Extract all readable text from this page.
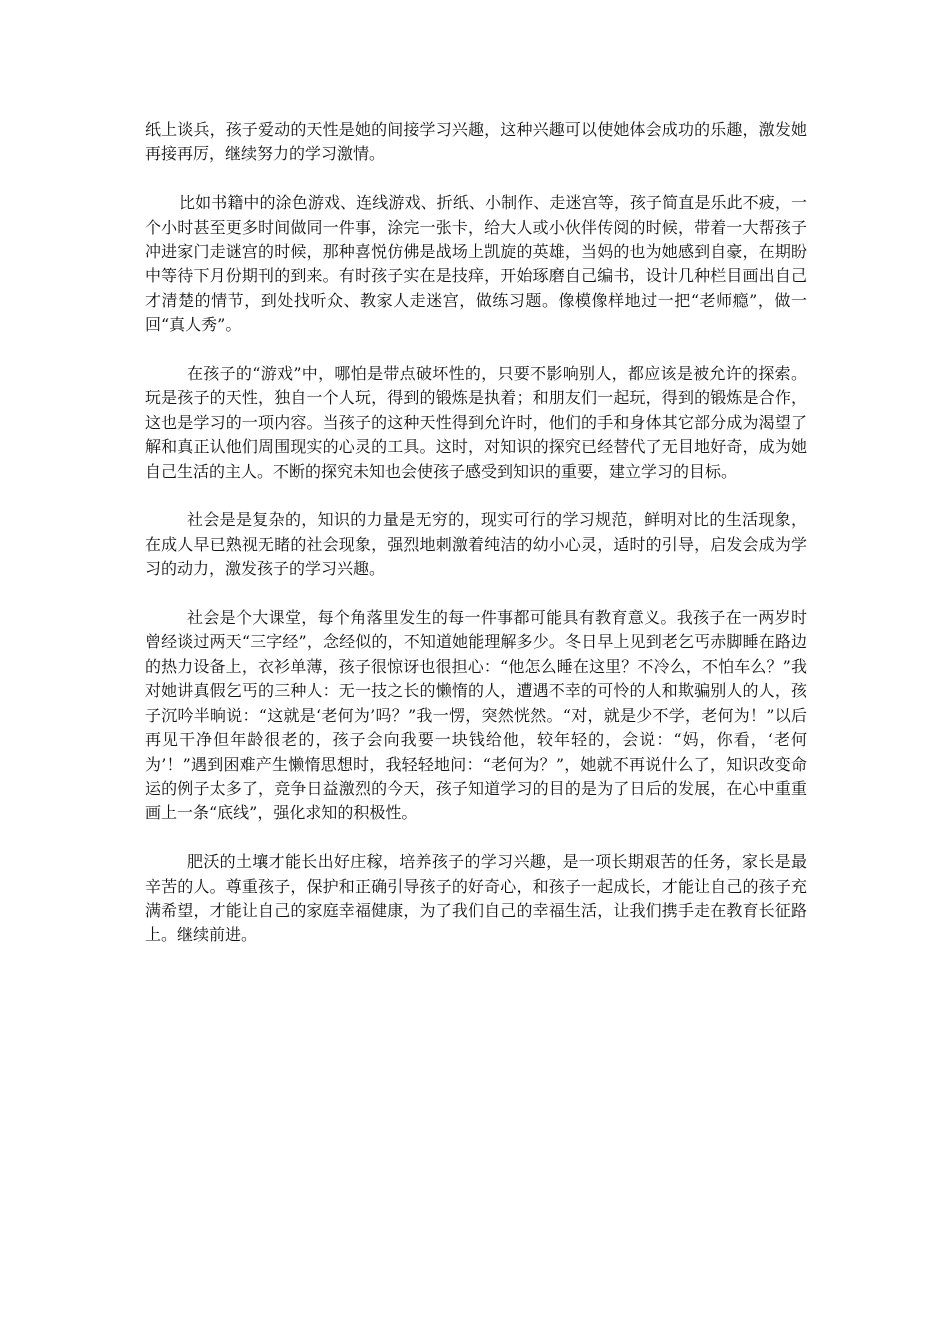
纸上谈兵，孩子爱动的天性是她的间接学习兴趣，这种兴趣可以使她体会成功的乐趣，激发她再接再厉，继续努力的学习激情。

比如书籍中的涂色游戏、连线游戏、折纸、小制作、走迷宫等，孩子简直是乐此不疲，一个小时甚至更多时间做同一件事，涂完一张卡，给大人或小伙伴传阅的时候，带着一大帮孩子冲进家门走谜宫的时候，那种喜悦仿佛是战场上凯旋的英雄，当妈的也为她感到自豪，在期盼中等待下月份期刊的到来。有时孩子实在是技痒，开始琢磨自己编书，设计几种栏目画出自己才清楚的情节，到处找听众、教家人走迷宫，做练习题。像模像样地过一把“老师瘾”，做一回“真人秀”。

在孩子的“游戏”中，哪怕是带点破坏性的，只要不影响别人，都应该是被允许的探索。玩是孩子的天性，独自一个人玩，得到的锻炼是执着；和朋友们一起玩，得到的锻炼是合作，这也是学习的一项内容。当孩子的这种天性得到允许时，他们的手和身体其它部分成为渴望了解和真正认他们周围现实的心灵的工具。这时，对知识的探究已经替代了无目地好奇，成为她自己生活的主人。不断的探究未知也会使孩子感受到知识的重要，建立学习的目标。

社会是是复杂的，知识的力量是无穷的，现实可行的学习规范，鲜明对比的生活现象，在成人早已熟视无睹的社会现象，强烈地刺激着纯洁的幼小心灵，适时的引导，启发会成为学习的动力，激发孩子的学习兴趣。

社会是个大课堂，每个角落里发生的每一件事都可能具有教育意义。我孩子在一两岁时曾经谈过两天“三字经”，念经似的，不知道她能理解多少。冬日早上见到老乞丐赤脚睡在路边的热力设备上，衣衫单薄，孩子很惊讶也很担心：“他怎么睡在这里？不冷么，不怕车么？”我对她讲真假乞丐的三种人：无一技之长的懒惰的人，遭遇不幸的可怜的人和欺骗别人的人，孩子沉吟半晌说：“这就是‘老何为’吗？”我一愣，突然恍然。“对，就是少不学，老何为！”以后再见干净但年龄很老的，孩子会向我要一块钱给他，较年轻的，会说：“妈，你看，‘老何为’！”遇到困难产生懒惰思想时，我轻轻地问：“老何为？”，她就不再说什么了，知识改变命运的例子太多了，竞争日益激烈的今天，孩子知道学习的目的是为了日后的发展，在心中重重画上一条“底线”，强化求知的积极性。

肥沃的土壤才能长出好庄稼，培养孩子的学习兴趣，是一项长期艰苦的任务，家长是最辛苦的人。尊重孩子，保护和正确引导孩子的好奇心，和孩子一起成长，才能让自己的孩子充满希望，才能让自己的家庭幸福健康，为了我们自己的幸福生活，让我们携手走在教育长征路上。继续前进。
